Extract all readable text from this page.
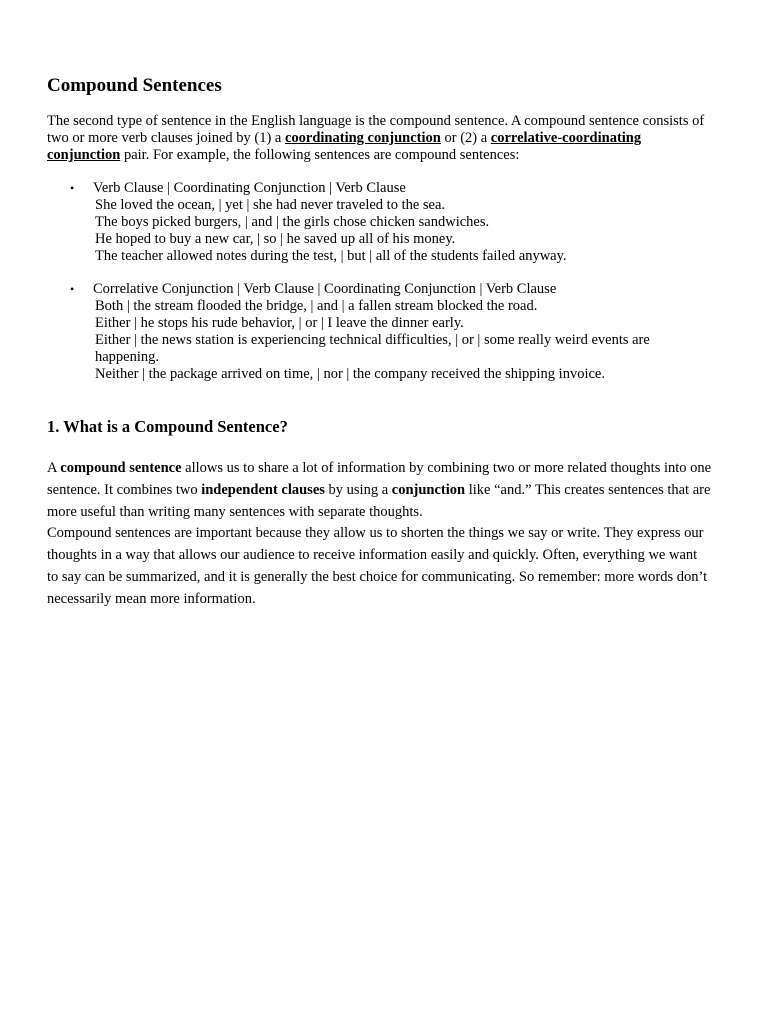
Compound Sentences

The second type of sentence in the English language is the compound sentence. A compound sentence consists of two or more verb clauses joined by (1) a coordinating conjunction or (2) a correlative-coordinating conjunction pair. For example, the following sentences are compound sentences:

• Verb Clause | Coordinating Conjunction | Verb Clause
She loved the ocean, | yet | she had never traveled to the sea.
The boys picked burgers, | and | the girls chose chicken sandwiches.
He hoped to buy a new car, | so | he saved up all of his money.
The teacher allowed notes during the test, | but | all of the students failed anyway.
• Correlative Conjunction | Verb Clause | Coordinating Conjunction | Verb Clause
Both | the stream flooded the bridge, | and | a fallen stream blocked the road.
Either | he stops his rude behavior, | or | I leave the dinner early.
Either | the news station is experiencing technical difficulties, | or | some really weird events are happening.
Neither | the package arrived on time, | nor | the company received the shipping invoice.
1. What is a Compound Sentence?

A compound sentence allows us to share a lot of information by combining two or more related thoughts into one sentence. It combines two independent clauses by using a conjunction like “and.” This creates sentences that are more useful than writing many sentences with separate thoughts.

Compound sentences are important because they allow us to shorten the things we say or write. They express our thoughts in a way that allows our audience to receive information easily and quickly. Often, everything we want to say can be summarized, and it is generally the best choice for communicating. So remember: more words don’t necessarily mean more information.
